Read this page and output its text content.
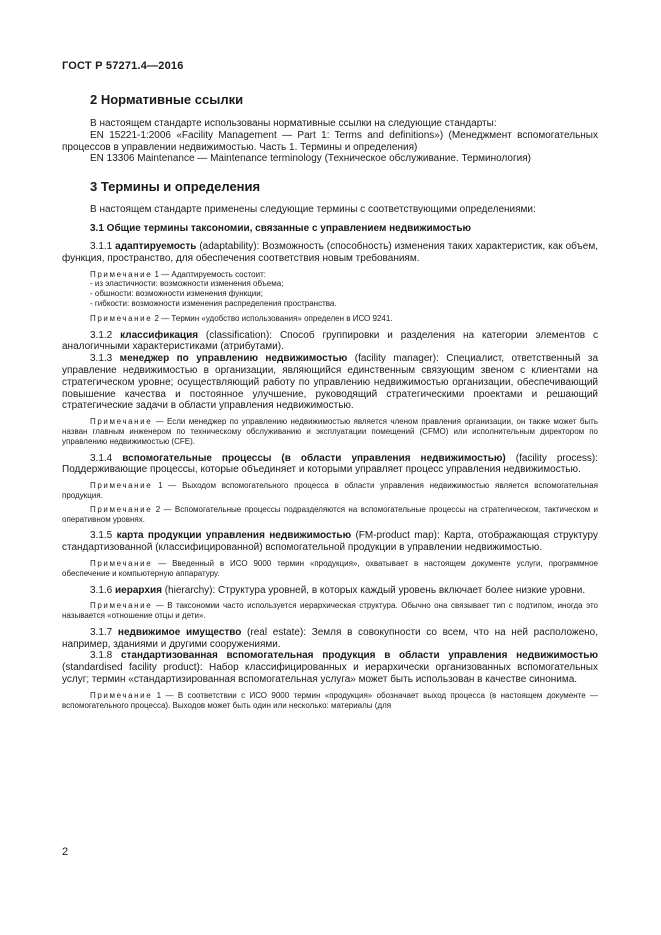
ГОСТ Р 57271.4—2016
2 Нормативные ссылки

В настоящем стандарте использованы нормативные ссылки на следующие стандарты:

EN 15221-1:2006 «Facility Management — Part 1: Terms and definitions») (Менеджмент вспомогательных процессов в управлении недвижимостью. Часть 1. Термины и определения)

EN 13306 Maintenance — Maintenance terminology (Техническое обслуживание. Терминология)

3 Термины и определения

В настоящем стандарте применены следующие термины с соответствующими определениями:

3.1 Общие термины таксономии, связанные с управлением недвижимостью

3.1.1 адаптируемость (adaptability): Возможность (способность) изменения таких характеристик, как объем, функция, пространство, для обеспечения соответствия новым требованиям.

Примечание 1 — Адаптируемость состоит:

- из эластичности: возможности изменения объема;

- обшности: возможности изменения функции;

- гибкости: возможности изменения распределения пространства.

Примечание 2 — Термин «удобство использования» определен в ИСО 9241.

3.1.2 классификация (classification): Способ группировки и разделения на категории элементов с аналогичными характеристиками (атрибутами).

3.1.3 менеджер по управлению недвижимостью (facility manager): Специалист, ответственный за управление недвижимостью в организации, являющийся единственным связующим звеном с клиентами на стратегическом уровне; осуществляющий работу по управлению недвижимостью организации, обеспечивающий повышение качества и постоянное улучшение, руководящий стратегическими проектами и решающий стратегические задачи в области управления недвижимостью.

Примечание — Если менеджер по управлению недвижимостью является членом правления организации, он также может быть назван главным инженером по техническому обслуживанию и эксплуатации помещений (CFMO) или исполнительным директором по управлению недвижимостью (CFE).

3.1.4 вспомогательные процессы (в области управления недвижимостью) (facility process): Поддерживающие процессы, которые объединяет и которыми управляет процесс управления недвижимостью.

Примечание 1 — Выходом вспомогательного процесса в области управления недвижимостью является вспомогательная продукция.

Примечание 2 — Вспомогательные процессы подразделяются на вспомогательные процессы на стратегическом, тактическом и оперативном уровнях.

3.1.5 карта продукции управления недвижимостью (FM-product map): Карта, отображающая структуру стандартизованной (классифицированной) вспомогательной продукции в управлении недвижимостью.

Примечание — Введенный в ИСО 9000 термин «продукция», охватывает в настоящем документе услуги, программное обеспечение и компьютерную аппаратуру.

3.1.6 иерархия (hierarchy): Структура уровней, в которых каждый уровень включает более низкие уровни.

Примечание — В таксономии часто используется иерархическая структура. Обычно она связывает тип с подтипом, иногда это называется «отношение отцы и дети».

3.1.7 недвижимое имущество (real estate): Земля в совокупности со всем, что на ней расположено, например, зданиями и другими сооружениями.

3.1.8 стандартизованная вспомогательная продукция в области управления недвижимостью (standardised facility product): Набор классифицированных и иерархически организованных вспомогательных услуг; термин «стандартизированная вспомогательная услуга» может быть использован в качестве синонима.

Примечание 1 — В соответствии с ИСО 9000 термин «продукция» обозначает выход процесса (в настоящем документе — вспомогательного процесса). Выходов может быть один или несколько: материалы (для

2
